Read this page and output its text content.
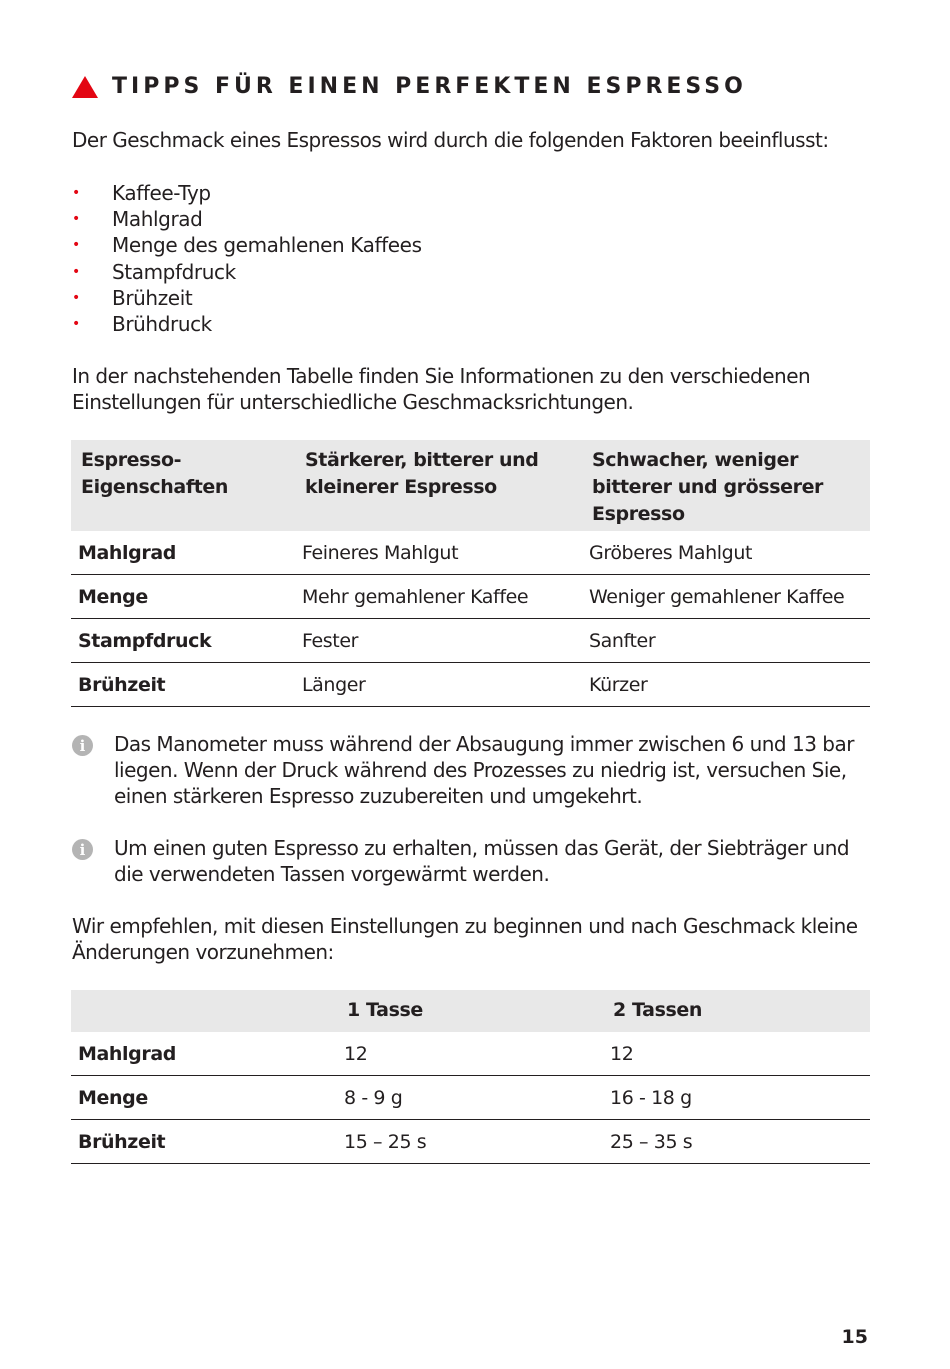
TIPPS FÜR EINEN PERFEKTEN ESPRESSO

Der Geschmack eines Espressos wird durch die folgenden Faktoren beeinflusst:

• Kaffee-Typ
• Mahlgrad
• Menge des gemahlenen Kaffees
• Stampfdruck
• Brühzeit
• Brühdruck

In der nachstehenden Tabelle finden Sie Informationen zu den verschiedenen Einstellungen für unterschiedliche Geschmacksrichtungen.

Espresso-
Eigenschaften	Stärkerer, bitterer und kleinerer Espresso	Schwacher, weniger bitterer und grösserer Espresso
Mahlgrad	Feineres Mahlgut	Gröberes Mahlgut
Menge	Mehr gemahlener Kaffee	Weniger gemahlener Kaffee
Stampfdruck	Fester	Sanfter
Brühzeit	Länger	Kürzer
i	Das Manometer muss während der Absaugung immer zwischen 6 und 13 bar liegen. Wenn der Druck während des Prozesses zu niedrig ist, versuchen Sie, einen stärkeren Espresso zuzubereiten und umgekehrt.

i	Um einen guten Espresso zu erhalten, müssen das Gerät, der Siebträger und die verwendeten Tassen vorgewärmt werden.

Wir empfehlen, mit diesen Einstellungen zu beginnen und nach Geschmack kleine Änderungen vorzunehmen:

	1 Tasse	2 Tassen
Mahlgrad	12	12
Menge	8 - 9 g	16 - 18 g
Brühzeit	15 – 25 s	25 – 35 s
15
